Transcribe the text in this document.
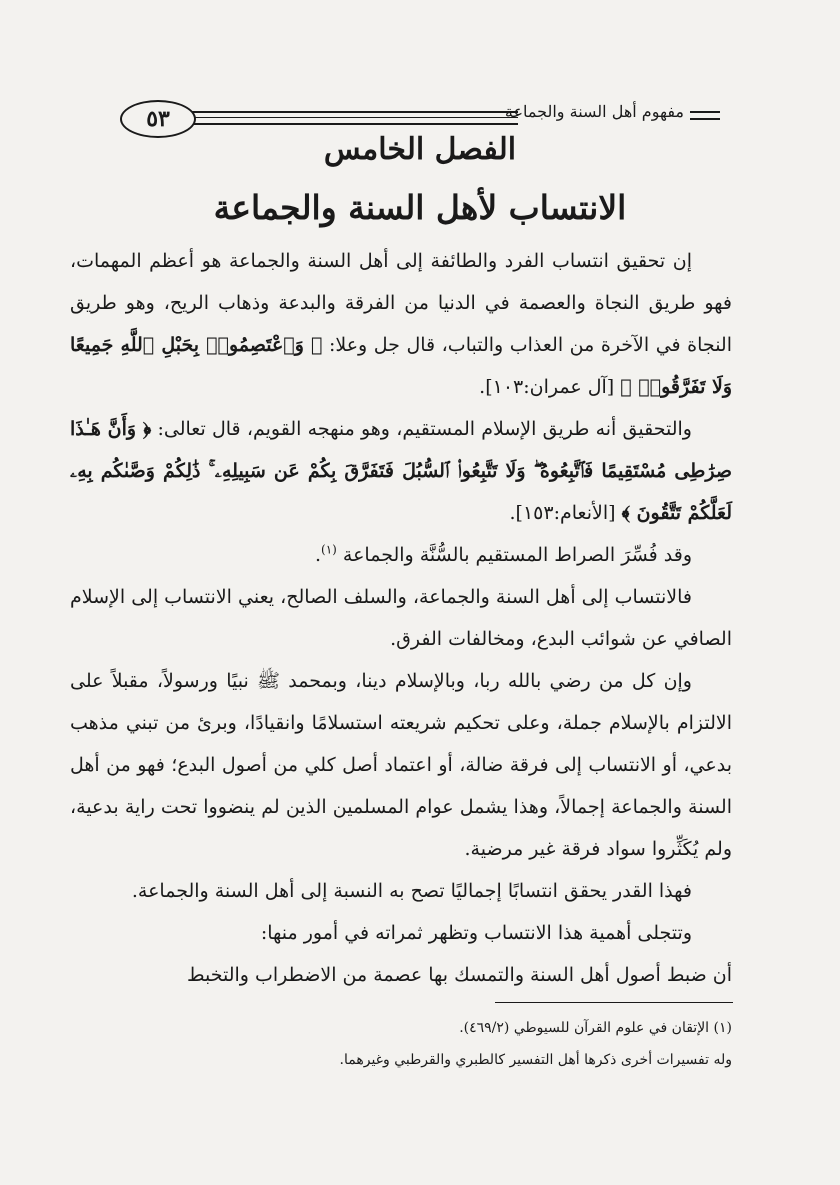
٥٣	مفهوم أهل السنة والجماعة
الفصل الخامس
الانتساب لأهل السنة والجماعة

إن تحقيق انتساب الفرد والطائفة إلى أهل السنة والجماعة هو أعظم المهمات، فهو طريق النجاة والعصمة في الدنيا من الفرقة والبدعة وذهاب الريح، وهو طريق النجاة في الآخرة من العذاب والتباب، قال جل وعلا: ﴿ وَٱعْتَصِمُوا۟ بِحَبْلِ ٱللَّهِ جَمِيعًا وَلَا تَفَرَّقُوا۟ ﴾ [آل عمران:١٠٣].

والتحقيق أنه طريق الإسلام المستقيم، وهو منهجه القويم، قال تعالى: ﴿ وَأَنَّ هَـٰذَا صِرَٰطِى مُسْتَقِيمًا فَٱتَّبِعُوهُ ۖ وَلَا تَتَّبِعُوا۟ ٱلسُّبُلَ فَتَفَرَّقَ بِكُمْ عَن سَبِيلِهِۦ ۚ ذَٰلِكُمْ وَصَّىٰكُم بِهِۦ لَعَلَّكُمْ تَتَّقُونَ ﴾ [الأنعام:١٥٣].

وقد فُسِّرَ الصراط المستقيم بالسُّنَّة والجماعة $^{(١)}$.

فالانتساب إلى أهل السنة والجماعة، والسلف الصالح، يعني الانتساب إلى الإسلام الصافي عن شوائب البدع، ومخالفات الفرق.

وإن كل من رضي بالله ربا، وبالإسلام دينا، وبمحمد ﷺ نبيًا ورسولاً، مقبلاً على الالتزام بالإسلام جملة، وعلى تحكيم شريعته استسلامًا وانقيادًا، وبرئ من تبني مذهب بدعي، أو الانتساب إلى فرقة ضالة، أو اعتماد أصل كلي من أصول البدع؛ فهو من أهل السنة والجماعة إجمالاً، وهذا يشمل عوام المسلمين الذين لم ينضووا تحت راية بدعية، ولم يُكَثِّروا سواد فرقة غير مرضية.

فهذا القدر يحقق انتسابًا إجماليًا تصح به النسبة إلى أهل السنة والجماعة.

وتتجلى أهمية هذا الانتساب وتظهر ثمراته في أمور منها:

أن ضبط أصول أهل السنة والتمسك بها عصمة من الاضطراب والتخبط

(١) الإتقان في علوم القرآن للسيوطي (٤٦٩/٢).

وله تفسيرات أخرى ذكرها أهل التفسير كالطبري والقرطبي وغيرهما.
